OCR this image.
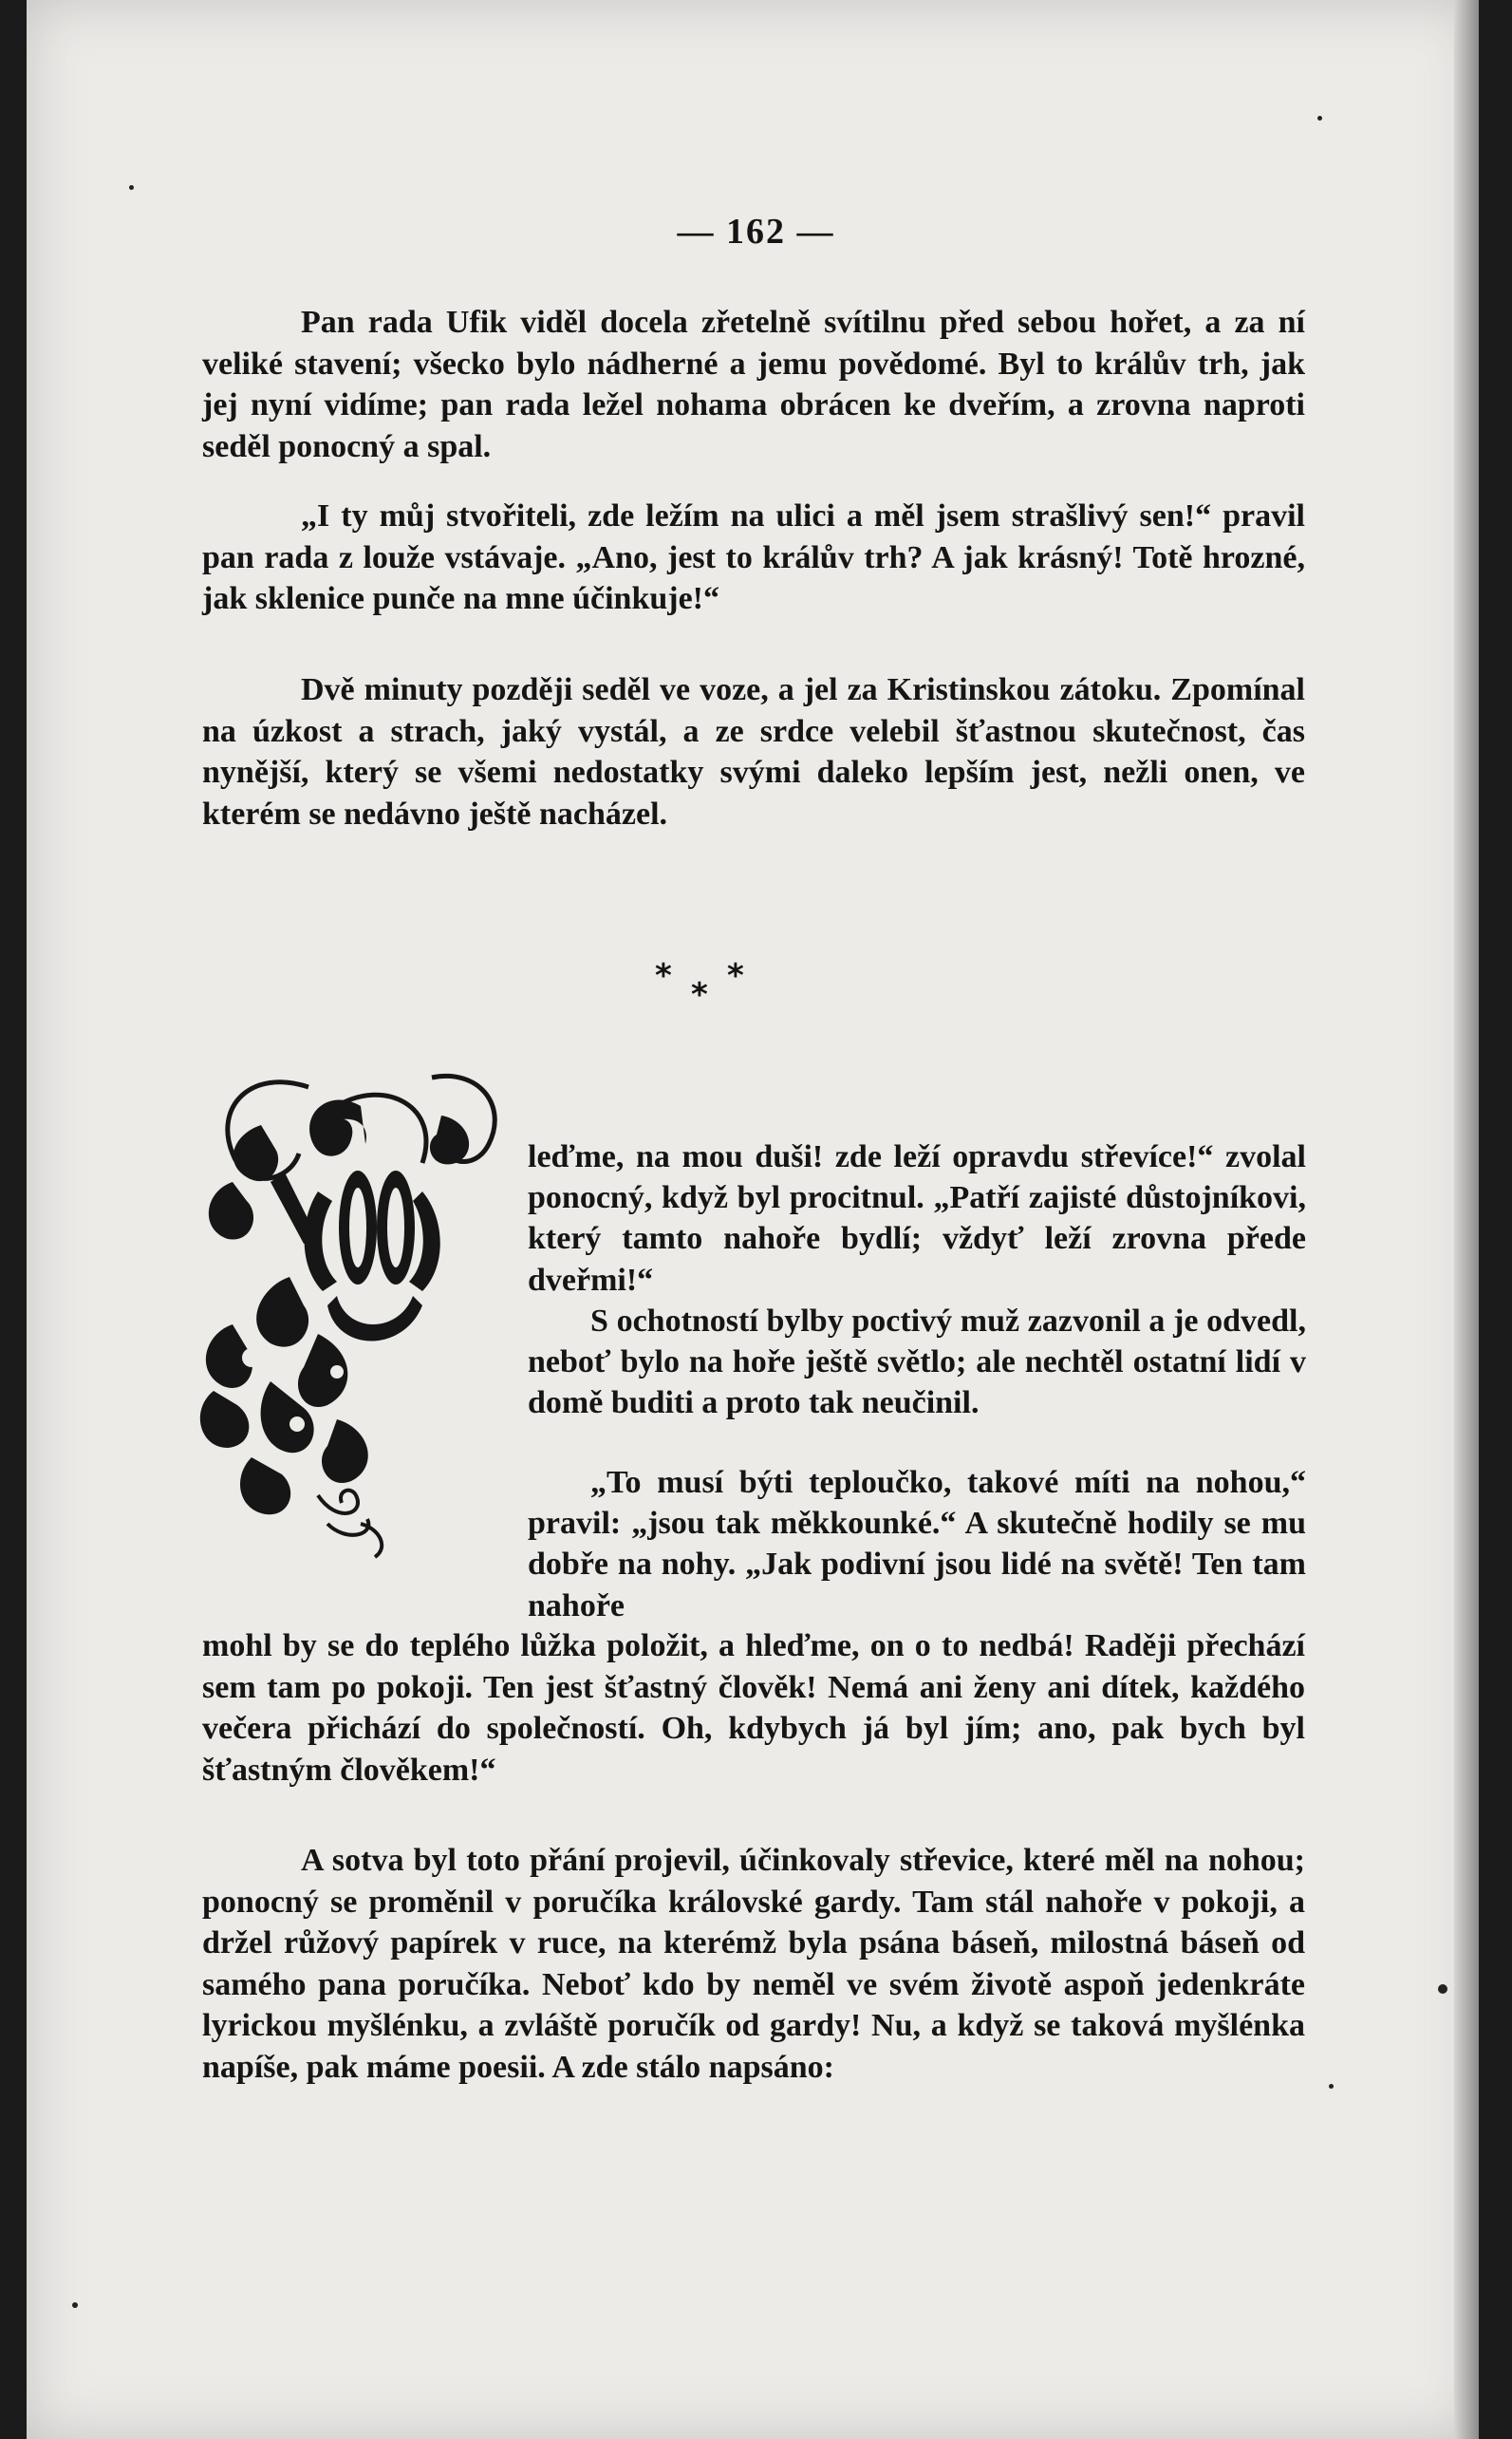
— 162 —

Pan rada Ufik viděl docela zřetelně svítilnu před sebou hořet, a za ní veliké stavení; všecko bylo nádherné a jemu povědomé. Byl to králův trh, jak jej nyní vidíme; pan rada ležel nohama obrácen ke dveřím, a zrovna naproti seděl ponocný a spal.

„I ty můj stvořiteli, zde ležím na ulici a měl jsem strašlivý sen!“ pravil pan rada z louže vstávaje. „Ano, jest to králův trh? A jak krásný! Totě hrozné, jak sklenice punče na mne účinkuje!“

Dvě minuty později seděl ve voze, a jel za Kristinskou zátoku. Zpomínal na úzkost a strach, jaký vystál, a ze srdce velebil šťastnou skutečnost, čas nynější, který se všemi nedostatky svými daleko lepším jest, nežli onen, ve kterém se nedávno ještě nacházel.

* * *

leďme, na mou duši! zde leží opravdu střevíce!“ zvolal ponocný, když byl procitnul. „Patří zajisté důstojníkovi, který tamto nahoře bydlí; vždyť leží zrovna přede dveřmi!“

S ochotností bylby poctivý muž zazvonil a je odvedl, neboť bylo na hoře ještě světlo; ale nechtěl ostatní lidí v domě buditi a proto tak neučinil.

„To musí býti teploučko, takové míti na nohou,“ pravil: „jsou tak měkkounké.“ A skutečně hodily se mu dobře na nohy. „Jak podivní jsou lidé na světě! Ten tam nahoře

mohl by se do teplého lůžka položit, a hleďme, on o to nedbá! Raději přechází sem tam po pokoji. Ten jest šťastný člověk! Nemá ani ženy ani dítek, každého večera přichází do společností. Oh, kdybych já byl jím; ano, pak bych byl šťastným člověkem!“

A sotva byl toto přání projevil, účinkovaly střevice, které měl na nohou; ponocný se proměnil v poručíka královské gardy. Tam stál nahoře v pokoji, a držel růžový papírek v ruce, na kterémž byla psána báseň, milostná báseň od samého pana poručíka. Neboť kdo by neměl ve svém životě aspoň jedenkráte lyrickou myšlénku, a zvláště poručík od gardy! Nu, a když se taková myšlénka napíše, pak máme poesii. A zde stálo napsáno:
